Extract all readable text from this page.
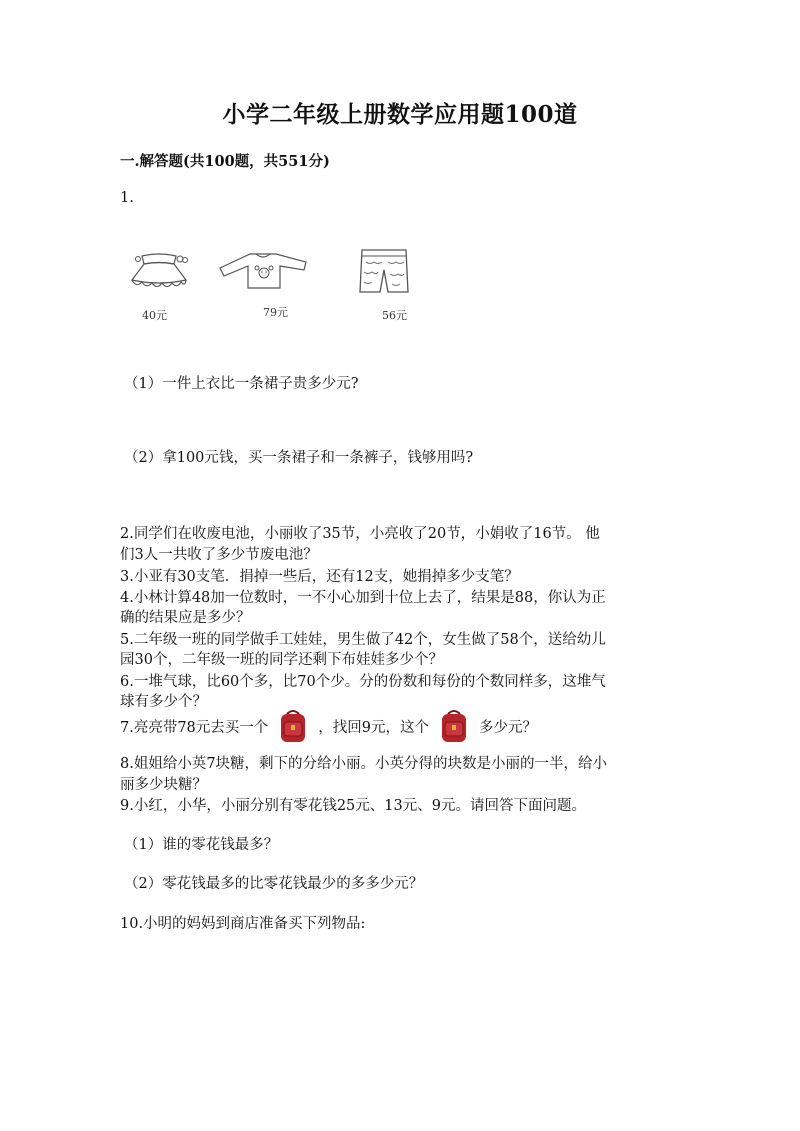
小学二年级上册数学应用题100道
一.解答题(共100题，共551分)
1.
40元	79元	56元
（1）一件上衣比一条裙子贵多少元?
（2）拿100元钱，买一条裙子和一条裤子，钱够用吗?
2.同学们在收废电池，小丽收了35节，小亮收了20节，小娟收了16节。 他
们3人一共收了多少节废电池？
3.小亚有30支笔．捐掉一些后，还有12支，她捐掉多少支笔？
4.小林计算48加一位数时，一不小心加到十位上去了，结果是88，你认为正
确的结果应是多少？
5.二年级一班的同学做手工娃娃，男生做了42个，女生做了58个，送给幼儿
园30个，二年级一班的同学还剩下布娃娃多少个？
6.一堆气球，比60个多，比70个少。分的份数和每份的个数同样多，这堆气
球有多少个？
7.亮亮带78元去买一个	，找回9元，这个	多少元？
8.姐姐给小英7块糖，剩下的分给小丽。小英分得的块数是小丽的一半，给小
丽多少块糖？
9.小红，小华，小丽分别有零花钱25元、13元、9元。请回答下面问题。
（1）谁的零花钱最多？
（2）零花钱最多的比零花钱最少的多多少元？
10.小明的妈妈到商店准备买下列物品:
